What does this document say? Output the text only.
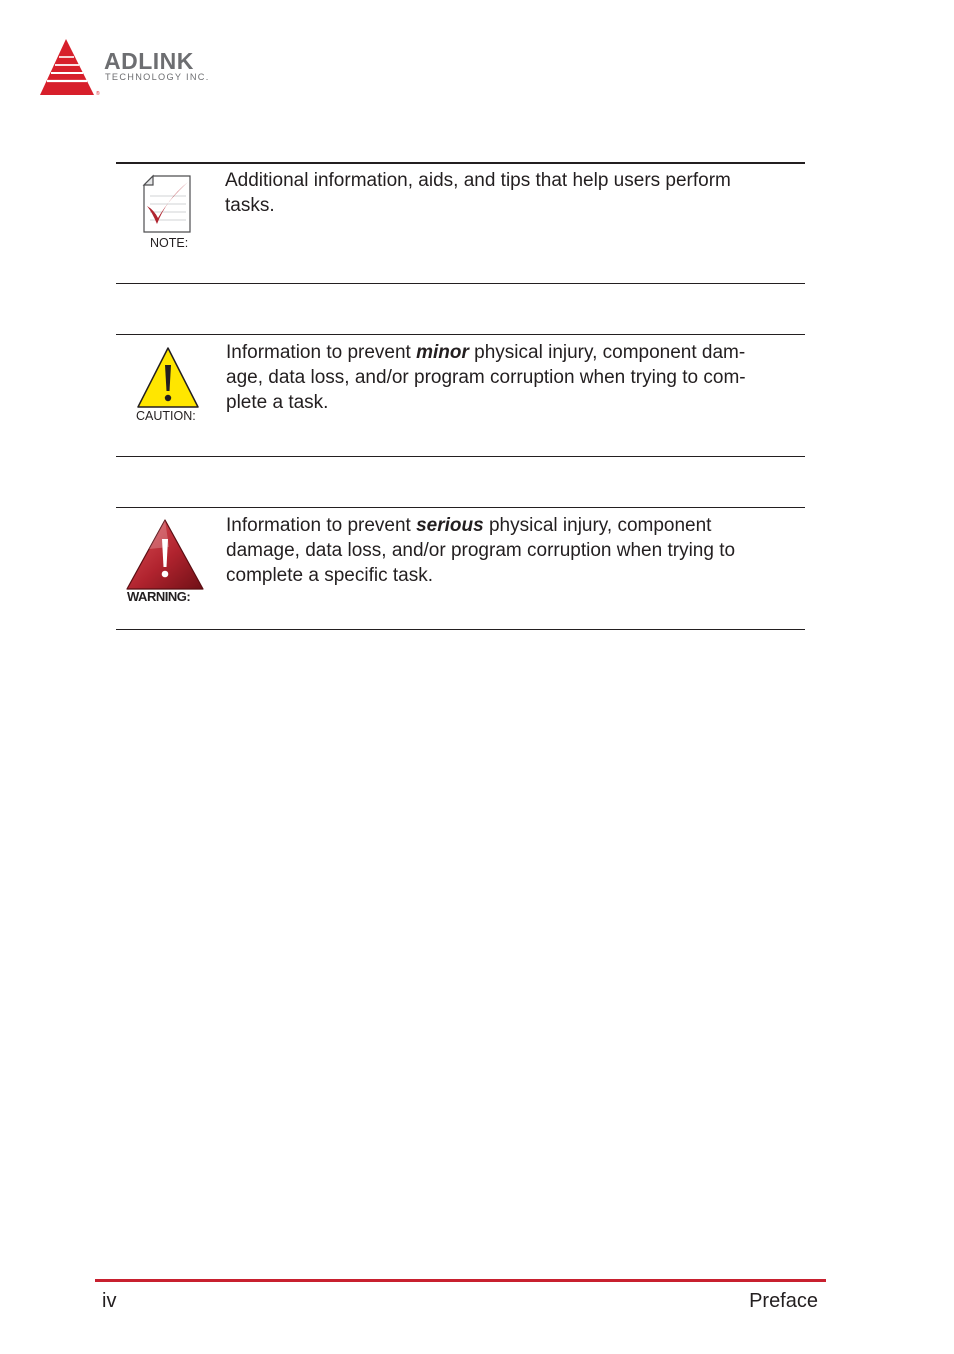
®
ADLINK
TECHNOLOGY INC.
NOTE:
Additional information, aids, and tips that help users perform
tasks.
CAUTION:
Information to prevent minor physical injury, component dam-
age, data loss, and/or program corruption when trying to com-
plete a task.
WARNING:
Information to prevent serious physical injury, component
damage, data loss, and/or program corruption when trying to
complete a specific task.
iv	Preface
